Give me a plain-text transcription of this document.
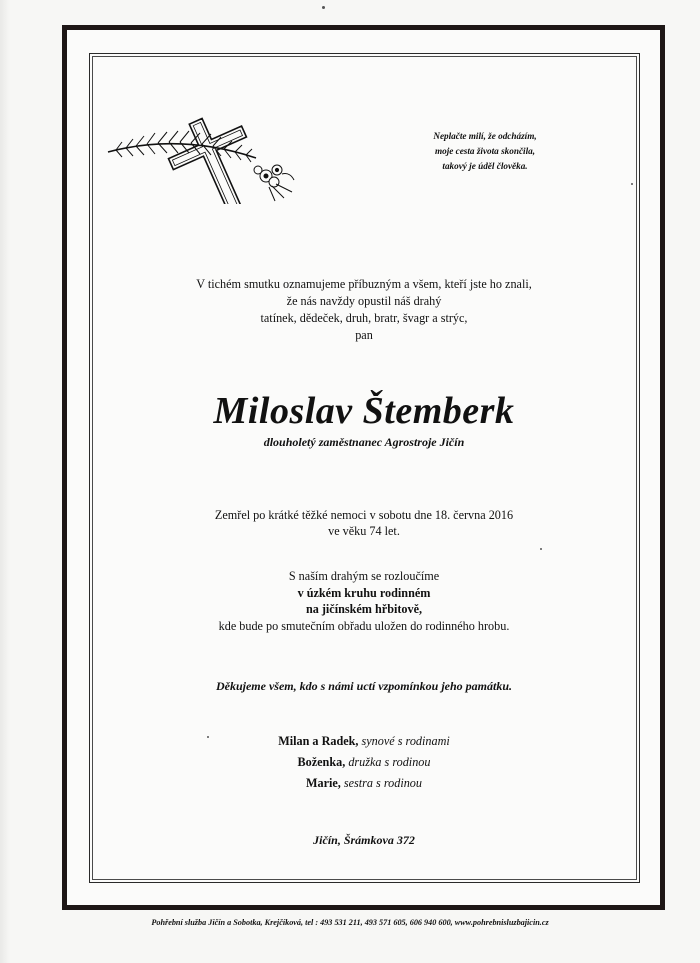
Neplačte milí, že odcházím,
moje cesta života skončila,
takový je úděl člověka.
V tichém smutku oznamujeme příbuzným a všem, kteří jste ho znali,
že nás navždy opustil náš drahý
tatínek, dědeček, druh, bratr, švagr a strýc,
pan
Miloslav Štemberk
dlouholetý zaměstnanec Agrostroje Jičín
Zemřel po krátké těžké nemoci v sobotu dne 18. června 2016
ve věku 74 let.
S naším drahým se rozloučíme
v úzkém kruhu rodinném
na jičínském hřbitově,
kde bude po smutečním obřadu uložen do rodinného hrobu.
Děkujeme všem, kdo s námi uctí vzpomínkou jeho památku.
Milan a Radek, synové s rodinami
Boženka, družka s rodinou
Marie, sestra s rodinou
Jičín, Šrámkova 372
Pohřební služba Jičín a Sobotka, Krejčíková, tel : 493 531 211, 493 571 605, 606 940 600, www.pohrebnisluzbajicin.cz
